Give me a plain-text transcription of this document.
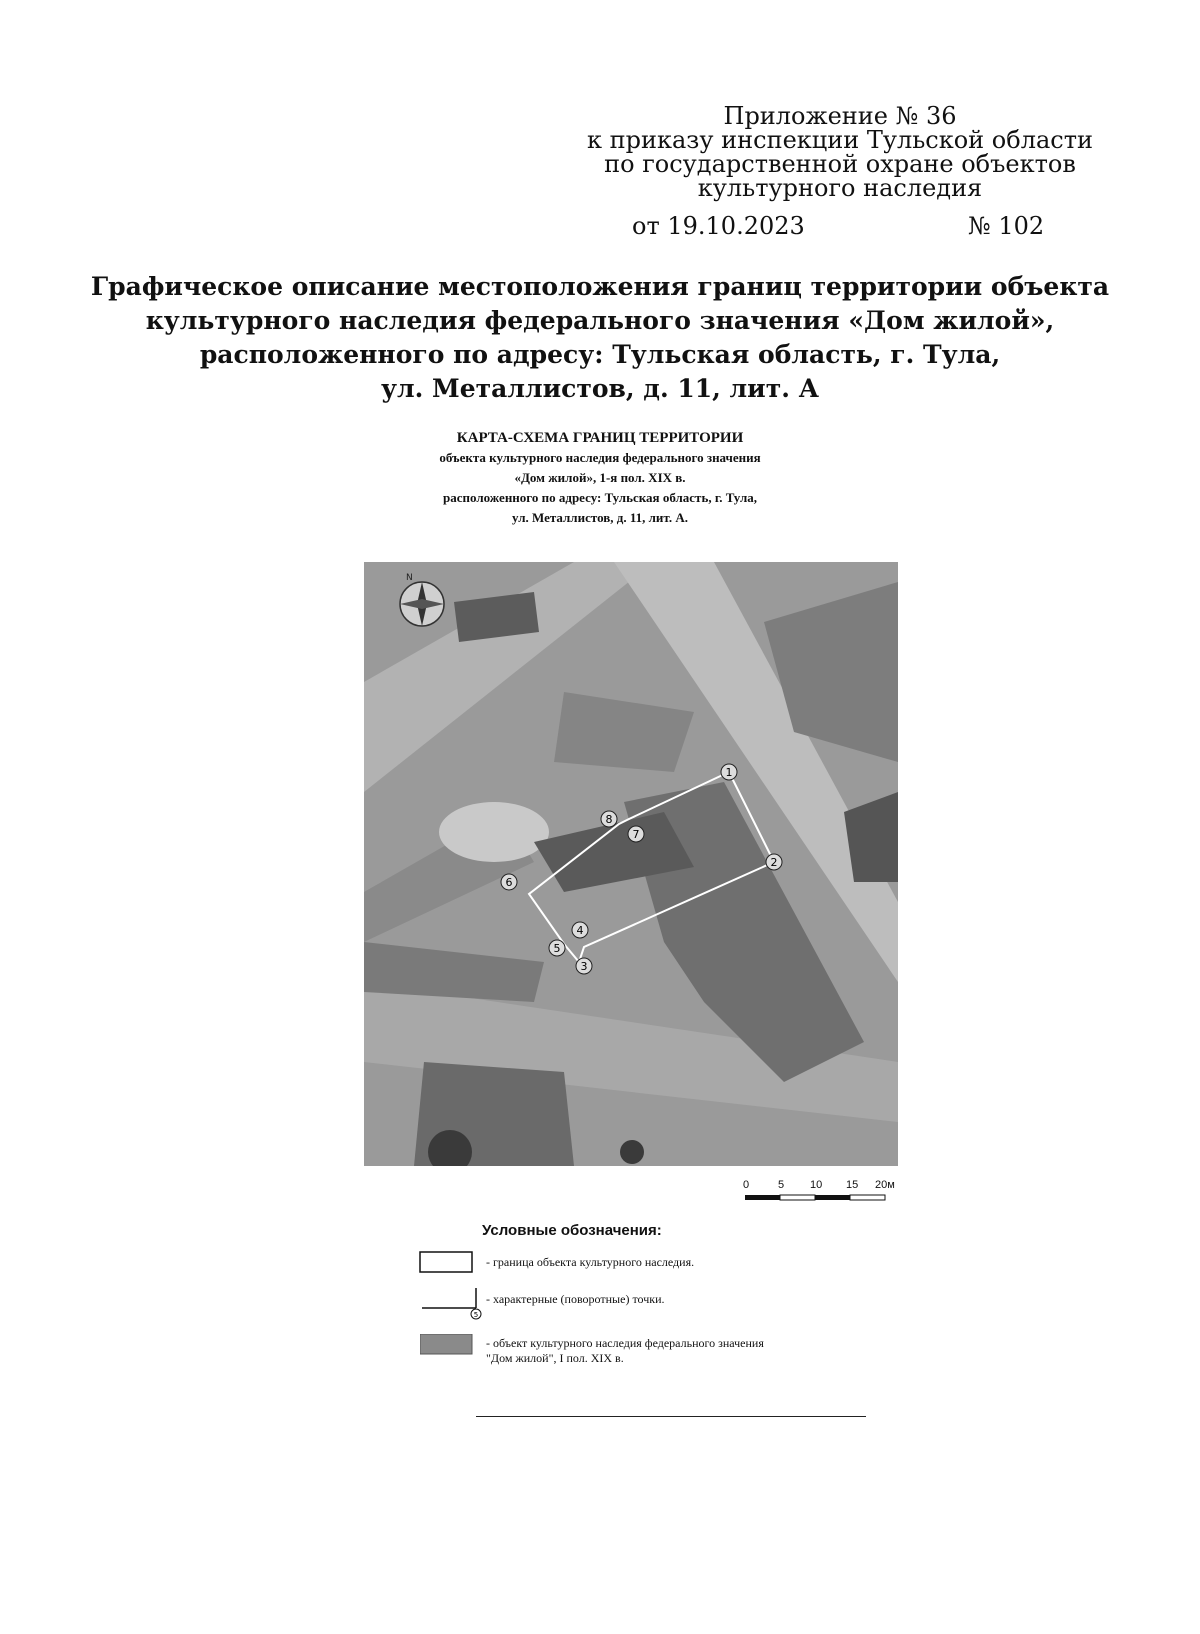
Приложение № 36
к приказу инспекции Тульской области
по государственной охране объектов
культурного наследия
от 19.10.2023	№ 102
Графическое описание местоположения границ территории объекта
культурного наследия федерального значения «Дом жилой»,
расположенного по адресу: Тульская область, г. Тула,
ул. Металлистов, д. 11, лит. А
КАРТА-СХЕМА ГРАНИЦ ТЕРРИТОРИИ
объекта культурного наследия федерального значения
«Дом жилой», 1-я пол. XIX в.
расположенного по адресу: Тульская область, г. Тула,
ул. Металлистов, д. 11, лит. А.
1
2
3
4
5
6
7
8
N
0	5 10 15 20м
Условные обозначения:
- граница объекта культурного наследия.
5
- характерные (поворотные) точки.
- объект культурного наследия федерального значения
"Дом жилой", I пол. XIX в.
